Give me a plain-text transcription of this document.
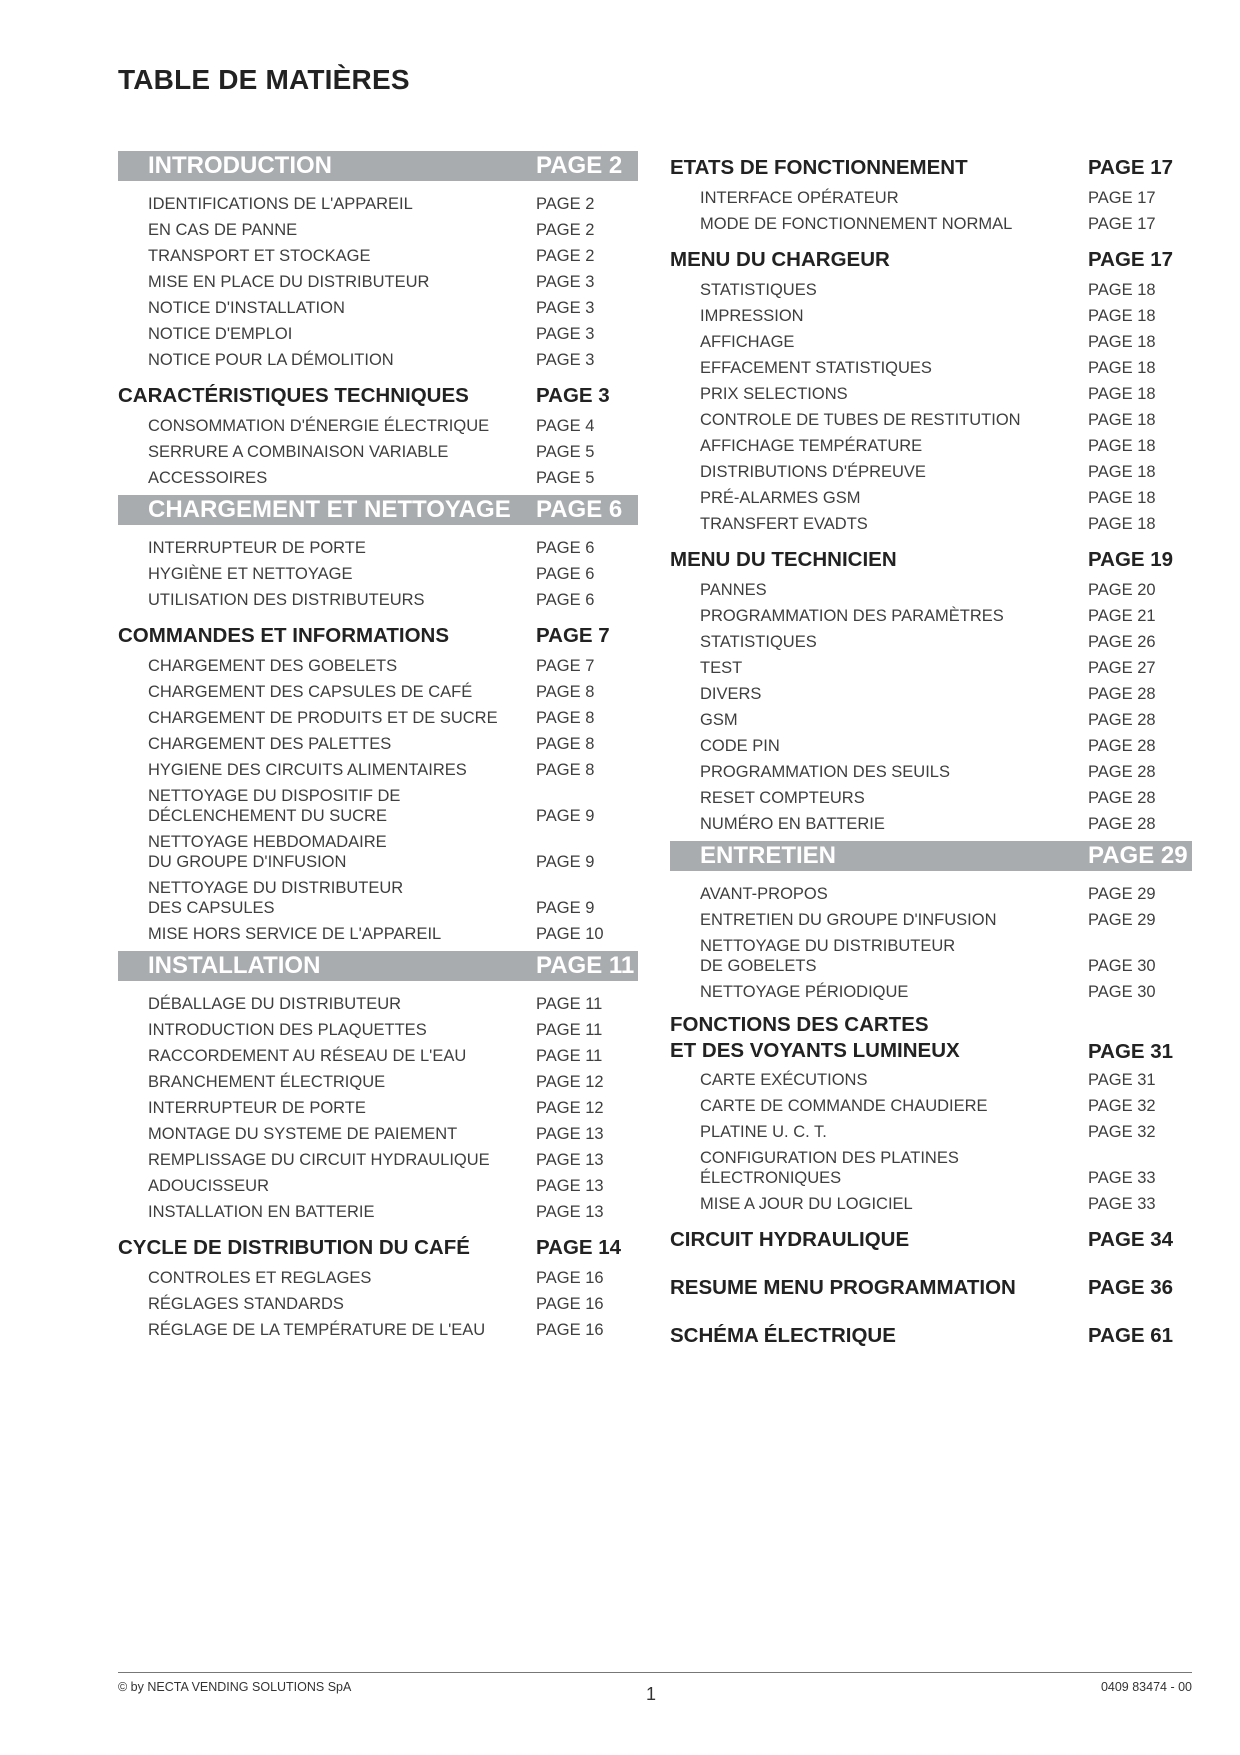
TABLE DE MATIÈRES
INTRODUCTION	PAGE 2
IDENTIFICATIONS DE L'APPAREIL	PAGE 2
EN CAS DE PANNE	PAGE 2
TRANSPORT ET STOCKAGE	PAGE 2
MISE EN PLACE DU DISTRIBUTEUR	PAGE 3
NOTICE D'INSTALLATION	PAGE 3
NOTICE D'EMPLOI	PAGE 3
NOTICE POUR LA DÉMOLITION	PAGE 3
CARACTÉRISTIQUES TECHNIQUES	PAGE 3
CONSOMMATION D'ÉNERGIE ÉLECTRIQUE	PAGE 4
SERRURE A COMBINAISON VARIABLE	PAGE 5
ACCESSOIRES	PAGE 5
CHARGEMENT ET NETTOYAGE PAGE 6
INTERRUPTEUR DE PORTE	PAGE 6
HYGIÈNE ET NETTOYAGE	PAGE 6
UTILISATION DES DISTRIBUTEURS	PAGE 6
COMMANDES ET INFORMATIONS	PAGE 7
CHARGEMENT DES GOBELETS	PAGE 7
CHARGEMENT DES CAPSULES DE CAFÉ	PAGE 8
CHARGEMENT DE PRODUITS ET DE SUCRE PAGE 8
CHARGEMENT DES PALETTES	PAGE 8
HYGIENE DES CIRCUITS ALIMENTAIRES	PAGE 8
NETTOYAGE DU DISPOSITIF DE
DÉCLENCHEMENT DU SUCRE	PAGE 9
NETTOYAGE HEBDOMADAIRE
DU GROUPE D'INFUSION	PAGE 9
NETTOYAGE DU DISTRIBUTEUR
DES CAPSULES	PAGE 9
MISE HORS SERVICE DE L'APPAREIL	PAGE 10
INSTALLATION	PAGE 11
DÉBALLAGE DU DISTRIBUTEUR	PAGE 11
INTRODUCTION DES PLAQUETTES	PAGE 11
RACCORDEMENT AU RÉSEAU DE L'EAU	PAGE 11
BRANCHEMENT ÉLECTRIQUE	PAGE 12
INTERRUPTEUR DE PORTE	PAGE 12
MONTAGE DU SYSTEME DE PAIEMENT	PAGE 13
REMPLISSAGE DU CIRCUIT HYDRAULIQUE	PAGE 13
ADOUCISSEUR	PAGE 13
INSTALLATION EN BATTERIE	PAGE 13
CYCLE DE DISTRIBUTION DU CAFÉ	PAGE 14
CONTROLES ET REGLAGES	PAGE 16
RÉGLAGES STANDARDS	PAGE 16
RÉGLAGE DE LA TEMPÉRATURE DE L'EAU	PAGE 16
ETATS DE FONCTIONNEMENT	PAGE 17
INTERFACE OPÉRATEUR	PAGE 17
MODE DE FONCTIONNEMENT NORMAL	PAGE 17
MENU DU CHARGEUR	PAGE 17
STATISTIQUES	PAGE 18
IMPRESSION	PAGE 18
AFFICHAGE	PAGE 18
EFFACEMENT STATISTIQUES	PAGE 18
PRIX SELECTIONS	PAGE 18
CONTROLE DE TUBES DE RESTITUTION	PAGE 18
AFFICHAGE TEMPÉRATURE	PAGE 18
DISTRIBUTIONS D'ÉPREUVE	PAGE 18
PRÉ-ALARMES GSM	PAGE 18
TRANSFERT EVADTS	PAGE 18
MENU DU TECHNICIEN	PAGE 19
PANNES	PAGE 20
PROGRAMMATION DES PARAMÈTRES	PAGE 21
STATISTIQUES	PAGE 26
TEST	PAGE 27
DIVERS	PAGE 28
GSM	PAGE 28
CODE PIN	PAGE 28
PROGRAMMATION DES SEUILS	PAGE 28
RESET COMPTEURS	PAGE 28
NUMÉRO EN BATTERIE	PAGE 28
ENTRETIEN	PAGE 29
AVANT-PROPOS	PAGE 29
ENTRETIEN DU GROUPE D'INFUSION	PAGE 29
NETTOYAGE DU DISTRIBUTEUR
DE GOBELETS	PAGE 30
NETTOYAGE PÉRIODIQUE	PAGE 30
FONCTIONS DES CARTES
ET DES VOYANTS LUMINEUX	PAGE 31
CARTE EXÉCUTIONS	PAGE 31
CARTE DE COMMANDE CHAUDIERE	PAGE 32
PLATINE U. C. T.	PAGE 32
CONFIGURATION DES PLATINES
ÉLECTRONIQUES	PAGE 33
MISE A JOUR DU LOGICIEL	PAGE 33
CIRCUIT HYDRAULIQUE	PAGE 34
RESUME MENU PROGRAMMATION	PAGE 36
SCHÉMA ÉLECTRIQUE	PAGE 61
© by NECTA VENDING SOLUTIONS SpA	1	0409 83474 - 00
